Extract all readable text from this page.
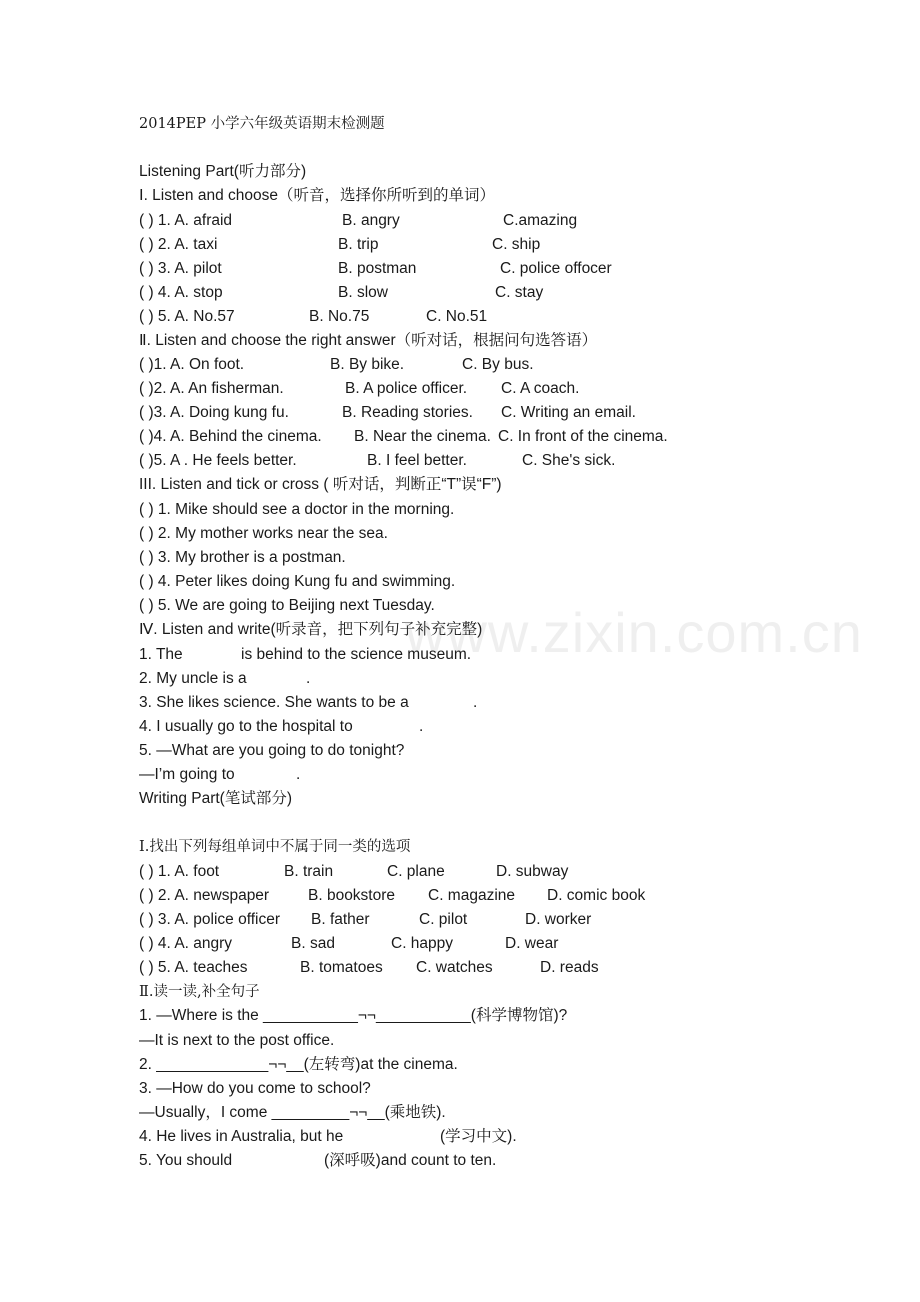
2014PEP 小学六年级英语期末检测题
Listening Part(听力部分)
Ⅰ. Listen and choose（听音，选择你所听到的单词）
( ) 1. A. afraid	B. angry	C.amazing
( ) 2. A. taxi	B. trip	C. ship
( ) 3. A. pilot	B. postman	C. police offocer
( ) 4. A. stop	B. slow	C. stay
( ) 5. A. No.57	B. No.75	C. No.51
Ⅱ. Listen and choose the right answer（听对话，根据问句选答语）
( )1. A. On foot.	B. By bike.	C. By bus.
( )2. A. An fisherman.	B. A police officer. C. A coach.
( )3. A. Doing kung fu.	B. Reading stories. C. Writing an email.
( )4. A. Behind the cinema. B. Near the cinema. C. In front of the cinema.
( )5. A . He feels better.	B. I feel better.	C. She's sick.
III. Listen and tick or cross ( 听对话，判断正“T”误“F”)
( ) 1. Mike should see a doctor in the morning.
( ) 2. My mother works near the sea.
( ) 3. My brother is a postman.
( ) 4. Peter likes doing Kung fu and swimming.
( ) 5. We are going to Beijing next Tuesday.
Ⅳ. Listen and write(听录音，把下列句子补充完整)
1. The	is behind to the science museum.
2. My uncle is a	.
3. She likes science. She wants to be a	.
4. I usually go to the hospital to	.
5. —What are you going to do tonight?
—I’m going to	.
Writing Part(笔试部分)
Ⅰ.找出下列每组单词中不属于同一类的选项
( ) 1. A. foot	B. train	C. plane	D. subway
( ) 2. A. newspaper	B. bookstore C. magazine D. comic book
( ) 3. A. police officer B. father	C. pilot	D. worker
( ) 4. A. angry	B. sad	C. happy	D. wear
( ) 5. A. teaches	B. tomatoes C. watches	D. reads
Ⅱ.读一读,补全句子
1. —Where is the ___________¬¬___________(科学博物馆)?
—It is next to the post office.
2. _____________¬¬__(左转弯)at the cinema.
3. —How do you come to school?
—Usually，I come _________¬¬__(乘地铁).
4. He lives in Australia, but he	(学习中文).
5. You should	(深呼吸)and count to ten.
www.zixin.com.cn
